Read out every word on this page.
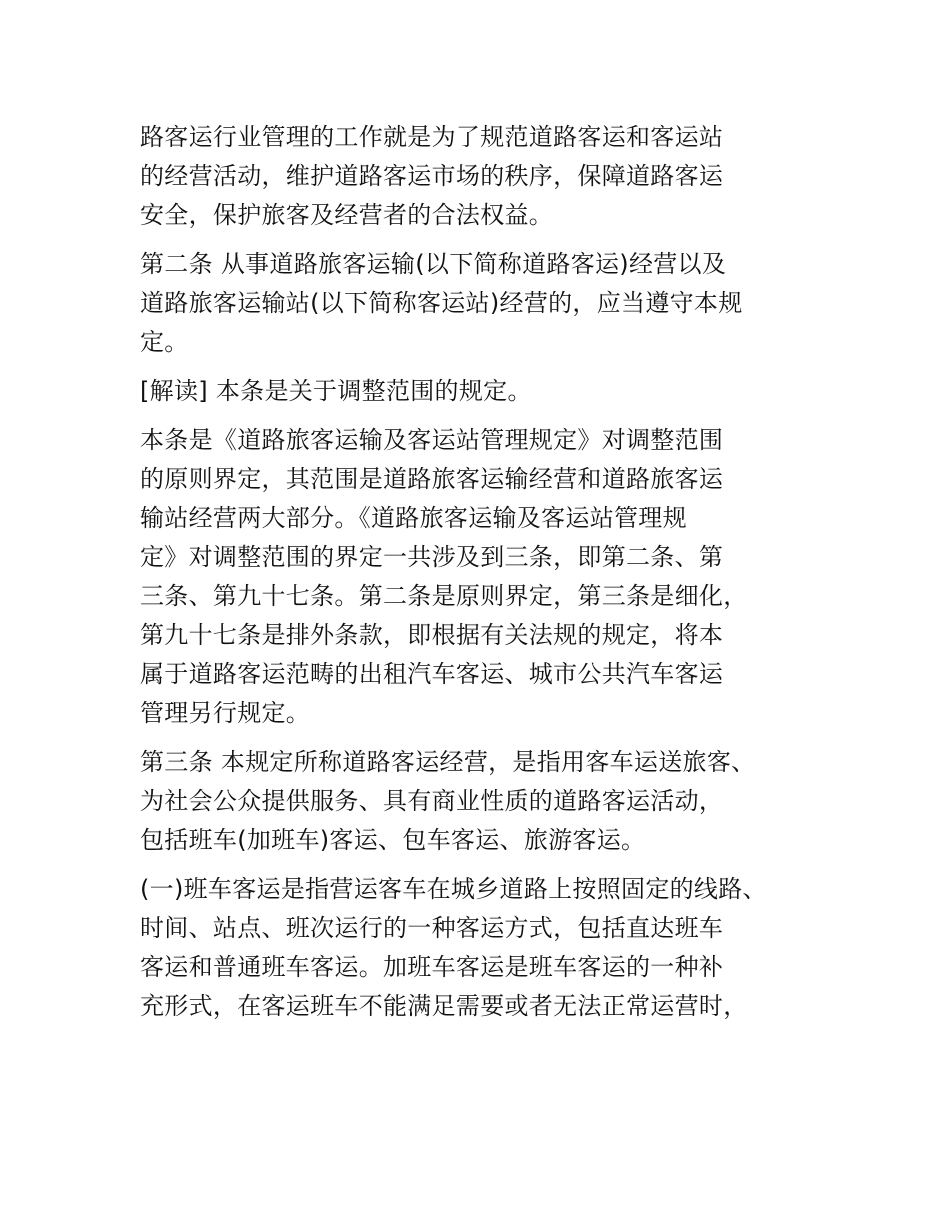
路客运行业管理的工作就是为了规范道路客运和客运站
的经营活动，维护道路客运市场的秩序，保障道路客运
安全，保护旅客及经营者的合法权益。

第二条 从事道路旅客运输(以下简称道路客运)经营以及
道路旅客运输站(以下简称客运站)经营的，应当遵守本规
定。

[解读] 本条是关于调整范围的规定。

本条是《道路旅客运输及客运站管理规定》对调整范围
的原则界定，其范围是道路旅客运输经营和道路旅客运
输站经营两大部分。《道路旅客运输及客运站管理规
定》对调整范围的界定一共涉及到三条，即第二条、第
三条、第九十七条。第二条是原则界定，第三条是细化，
第九十七条是排外条款，即根据有关法规的规定，将本
属于道路客运范畴的出租汽车客运、城市公共汽车客运
管理另行规定。

第三条 本规定所称道路客运经营，是指用客车运送旅客、
为社会公众提供服务、具有商业性质的道路客运活动，
包括班车(加班车)客运、包车客运、旅游客运。

(一)班车客运是指营运客车在城乡道路上按照固定的线路、
时间、站点、班次运行的一种客运方式，包括直达班车
客运和普通班车客运。加班车客运是班车客运的一种补
充形式，在客运班车不能满足需要或者无法正常运营时，
